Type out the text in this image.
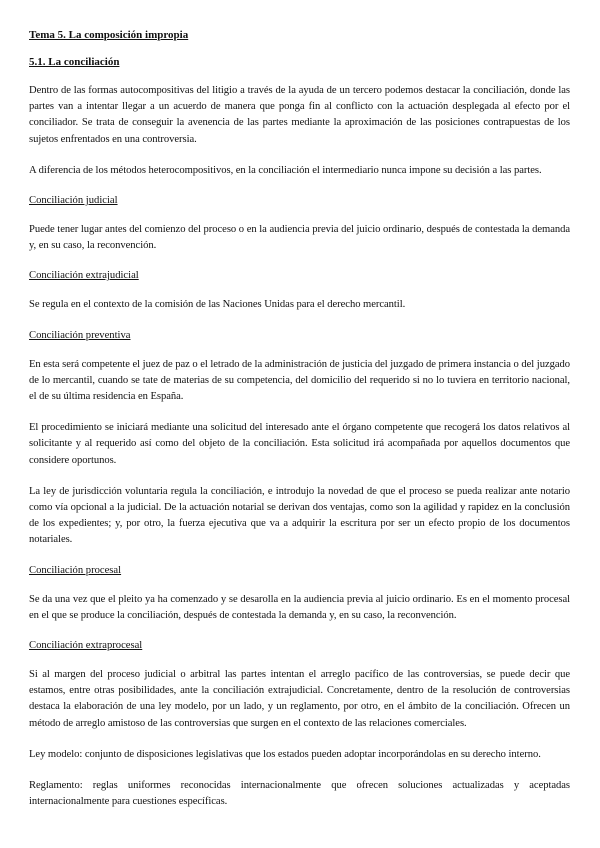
Tema 5. La composición impropia
5.1. La conciliación

Dentro de las formas autocompositivas del litigio a través de la ayuda de un tercero podemos destacar la conciliación, donde las partes van a intentar llegar a un acuerdo de manera que ponga fin al conflicto con la actuación desplegada al efecto por el conciliador. Se trata de conseguir la avenencia de las partes mediante la aproximación de las posiciones contrapuestas de los sujetos enfrentados en una controversia.

A diferencia de los métodos heterocompositivos, en la conciliación el intermediario nunca impone su decisión a las partes.

Conciliación judicial

Puede tener lugar antes del comienzo del proceso o en la audiencia previa del juicio ordinario, después de contestada la demanda y, en su caso, la reconvención.

Conciliación extrajudicial

Se regula en el contexto de la comisión de las Naciones Unidas para el derecho mercantil.

Conciliación preventiva

En esta será competente el juez de paz o el letrado de la administración de justicia del juzgado de primera instancia o del juzgado de lo mercantil, cuando se tate de materias de su competencia, del domicilio del requerido si no lo tuviera en territorio nacional, el de su última residencia en España.

El procedimiento se iniciará mediante una solicitud del interesado ante el órgano competente que recogerá los datos relativos al solicitante y al requerido así como del objeto de la conciliación. Esta solicitud irá acompañada por aquellos documentos que considere oportunos.

La ley de jurisdicción voluntaria regula la conciliación, e introdujo la novedad de que el proceso se pueda realizar ante notario como vía opcional a la judicial. De la actuación notarial se derivan dos ventajas, como son la agilidad y rapidez en la conclusión de los expedientes; y, por otro, la fuerza ejecutiva que va a adquirir la escritura por ser un efecto propio de los documentos notariales.

Conciliación procesal

Se da una vez que el pleito ya ha comenzado y se desarolla en la audiencia previa al juicio ordinario. Es en el momento procesal en el que se produce la conciliación, después de contestada la demanda y, en su caso, la reconvención.

Conciliación extraprocesal

Si al margen del proceso judicial o arbitral las partes intentan el arreglo pacífico de las controversias, se puede decir que estamos, entre otras posibilidades, ante la conciliación extrajudicial. Concretamente, dentro de la resolución de controversias destaca la elaboración de una ley modelo, por un lado, y un reglamento, por otro, en el ámbito de la conciliación. Ofrecen un método de arreglo amistoso de las controversias que surgen en el contexto de las relaciones comerciales.

Ley modelo: conjunto de disposiciones legislativas que los estados pueden adoptar incorporándolas en su derecho interno.

Reglamento: reglas uniformes reconocidas internacionalmente que ofrecen soluciones actualizadas y aceptadas internacionalmente para cuestiones específicas.
